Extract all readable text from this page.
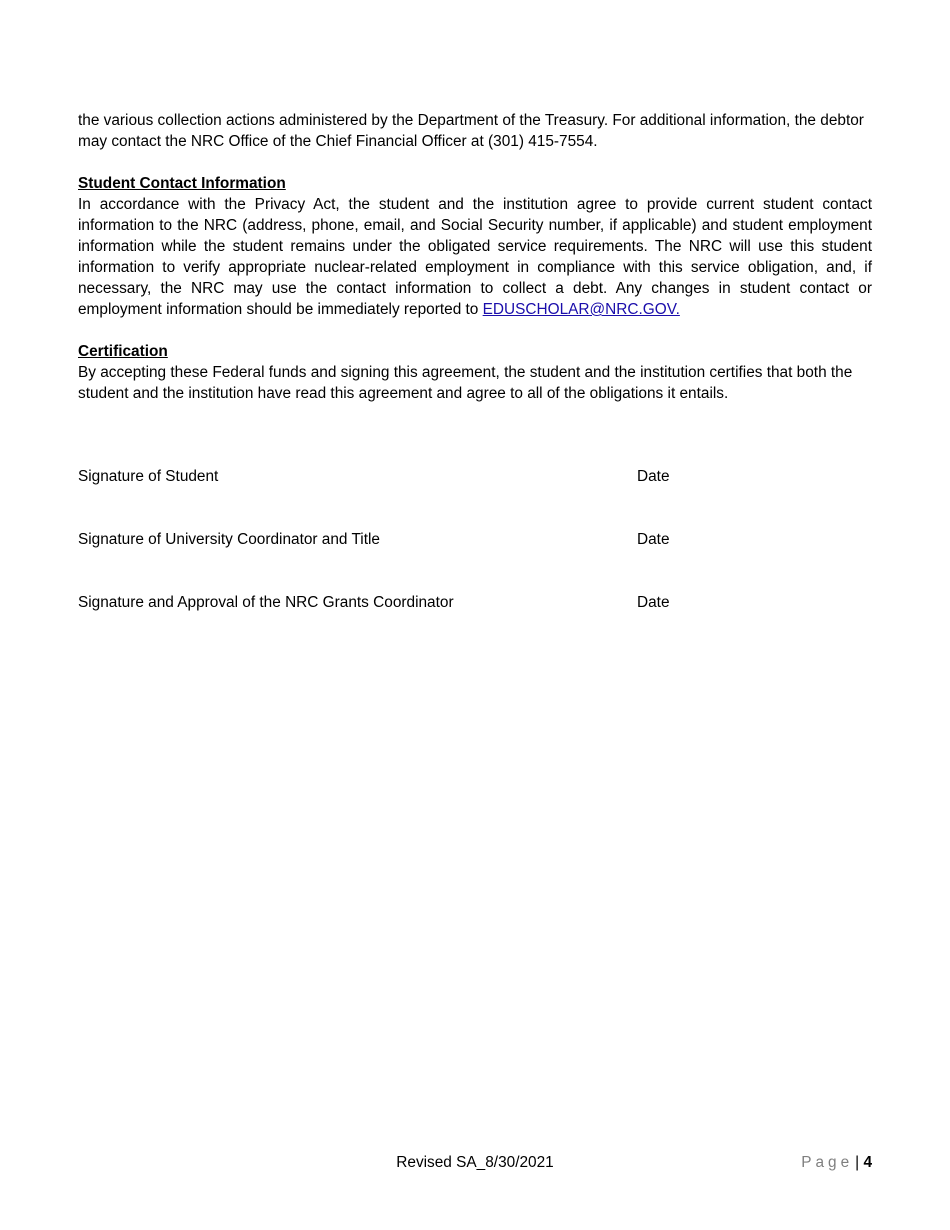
the various collection actions administered by the Department of the Treasury. For additional information, the debtor may contact the NRC Office of the Chief Financial Officer at (301) 415-7554.

Student Contact Information

In accordance with the Privacy Act, the student and the institution agree to provide current student contact information to the NRC (address, phone, email, and Social Security number, if applicable) and student employment information while the student remains under the obligated service requirements. The NRC will use this student information to verify appropriate nuclear-related employment in compliance with this service obligation, and, if necessary, the NRC may use the contact information to collect a debt. Any changes in student contact or employment information should be immediately reported to EDUSCHOLAR@NRC.GOV.

Certification

By accepting these Federal funds and signing this agreement, the student and the institution certifies that both the student and the institution have read this agreement and agree to all of the obligations it entails.

Signature of Student	Date
Signature of University Coordinator and Title	Date
Signature and Approval of the NRC Grants Coordinator	Date
Revised SA_8/30/2021	Page | 4
